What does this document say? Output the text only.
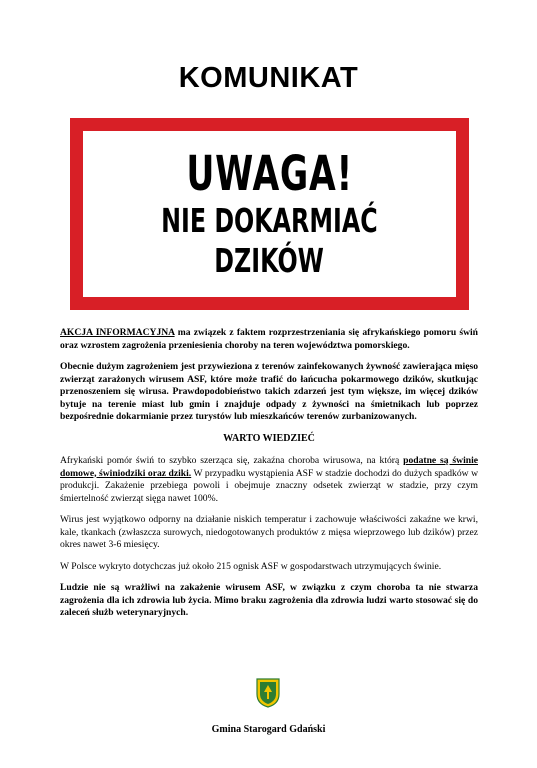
KOMUNIKAT
UWAGA!
NIE DOKARMIAĆ
DZIKÓW

AKCJA INFORMACYJNA ma związek z faktem rozprzestrzeniania się afrykańskiego pomoru świń oraz wzrostem zagrożenia przeniesienia choroby na teren województwa pomorskiego.

Obecnie dużym zagrożeniem jest przywieziona z terenów zainfekowanych żywność zawierająca mięso zwierząt zarażonych wirusem ASF, które może trafić do łańcucha pokarmowego dzików, skutkując przenoszeniem się wirusa. Prawdopodobieństwo takich zdarzeń jest tym większe, im więcej dzików bytuje na terenie miast lub gmin i znajduje odpady z żywności na śmietnikach lub poprzez bezpośrednie dokarmianie przez turystów lub mieszkańców terenów zurbanizowanych.

WARTO WIEDZIEĆ

Afrykański pomór świń to szybko szerząca się, zakaźna choroba wirusowa, na którą podatne są świnie domowe, świniodziki oraz dziki. W przypadku wystąpienia ASF w stadzie dochodzi do dużych spadków w produkcji. Zakażenie przebiega powoli i obejmuje znaczny odsetek zwierząt w stadzie, przy czym śmiertelność zwierząt sięga nawet 100%.

Wirus jest wyjątkowo odporny na działanie niskich temperatur i zachowuje właściwości zakaźne we krwi, kale, tkankach (zwłaszcza surowych, niedogotowanych produktów z mięsa wieprzowego lub dzików) przez okres nawet 3-6 miesięcy.

W Polsce wykryto dotychczas już około 215 ognisk ASF w gospodarstwach utrzymujących świnie.

Ludzie nie są wrażliwi na zakażenie wirusem ASF, w związku z czym choroba ta nie stwarza zagrożenia dla ich zdrowia lub życia. Mimo braku zagrożenia dla zdrowia ludzi warto stosować się do zaleceń służb weterynaryjnych.

Gmina Starogard Gdański
